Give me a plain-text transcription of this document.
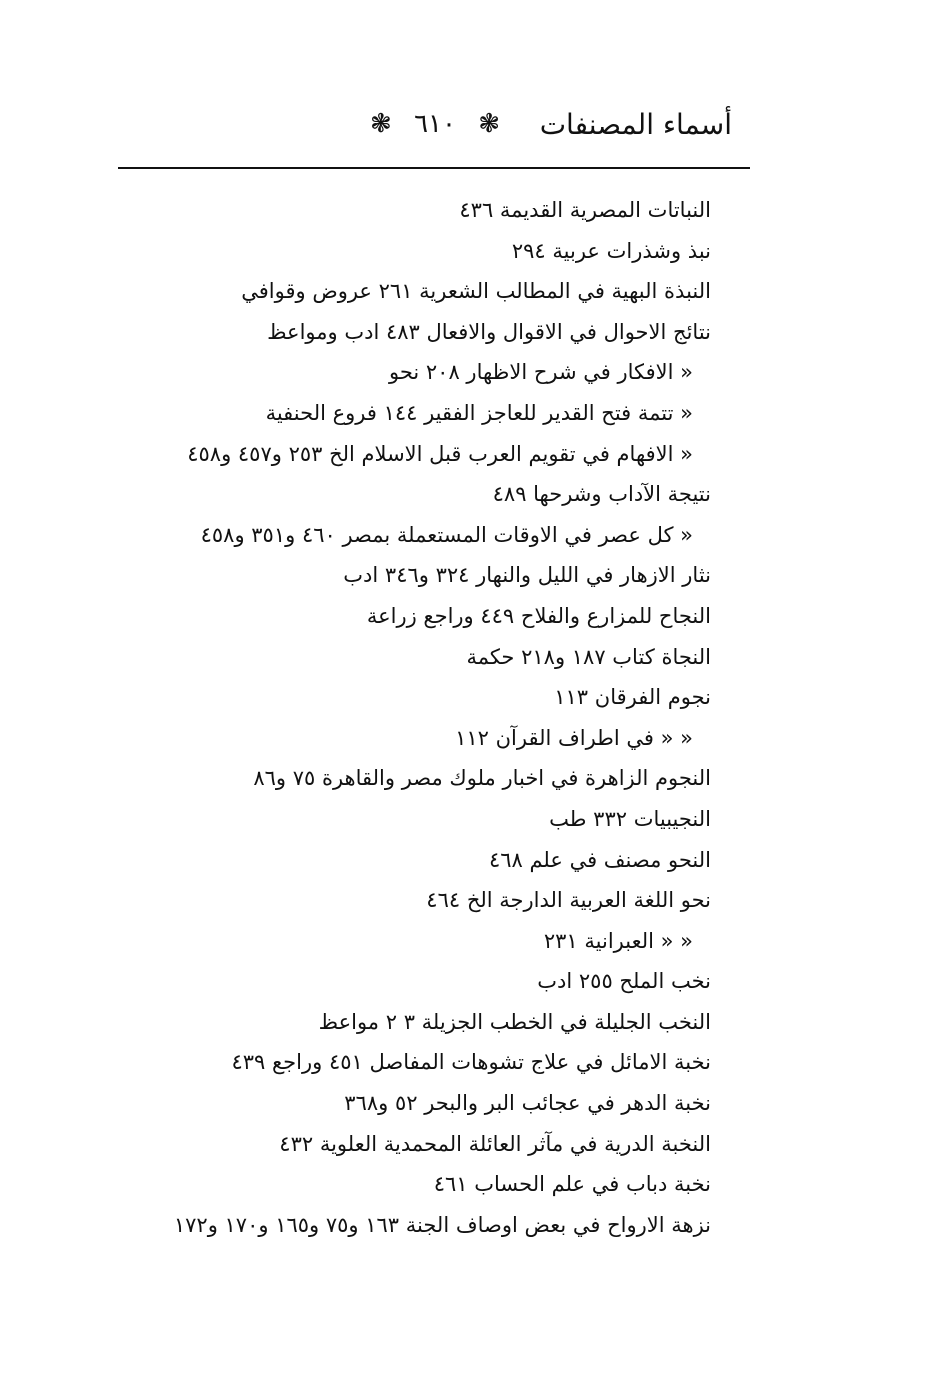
أسماء المصنفات
❃ ٦١٠ ❃
النباتات المصرية القديمة ٤٣٦
نبذ وشذرات عربية ٢٩٤
النبذة البهية في المطالب الشعرية ٢٦١ عروض وقوافي
نتائج الاحوال في الاقوال والافعال ٤٨٣ ادب ومواعظ
« الافكار في شرح الاظهار ٢٠٨ نحو
« تتمة فتح القدير للعاجز الفقير ١٤٤ فروع الحنفية
« الافهام في تقويم العرب قبل الاسلام الخ ٢٥٣ و٤٥٧ و٤٥٨
نتيجة الآداب وشرحها ٤٨٩
« كل عصر في الاوقات المستعملة بمصر ٤٦٠ و٣٥١ و٤٥٨
نثار الازهار في الليل والنهار ٣٢٤ و٣٤٦ ادب
النجاح للمزارع والفلاح ٤٤٩ وراجع زراعة
النجاة كتاب ١٨٧ و٢١٨ حكمة
نجوم الفرقان ١١٣
« « في اطراف القرآن ١١٢
النجوم الزاهرة في اخبار ملوك مصر والقاهرة ٧٥ و٨٦
النجيبيات ٣٣٢ طب
النحو مصنف في علم ٤٦٨
نحو اللغة العربية الدارجة الخ ٤٦٤
« « العبرانية ٢٣١
نخب الملح ٢٥٥ ادب
النخب الجليلة في الخطب الجزيلة ٣ ٢ مواعظ
نخبة الامائل في علاج تشوهات المفاصل ٤٥١ وراجع ٤٣٩
نخبة الدهر في عجائب البر والبحر ٥٢ و٣٦٨
النخبة الدرية في مآثر العائلة المحمدية العلوية ٤٣٢
نخبة دباب في علم الحساب ٤٦١
نزهة الارواح في بعض اوصاف الجنة ١٦٣ و٧٥ و١٦٥ و١٧٠ و١٧٢
